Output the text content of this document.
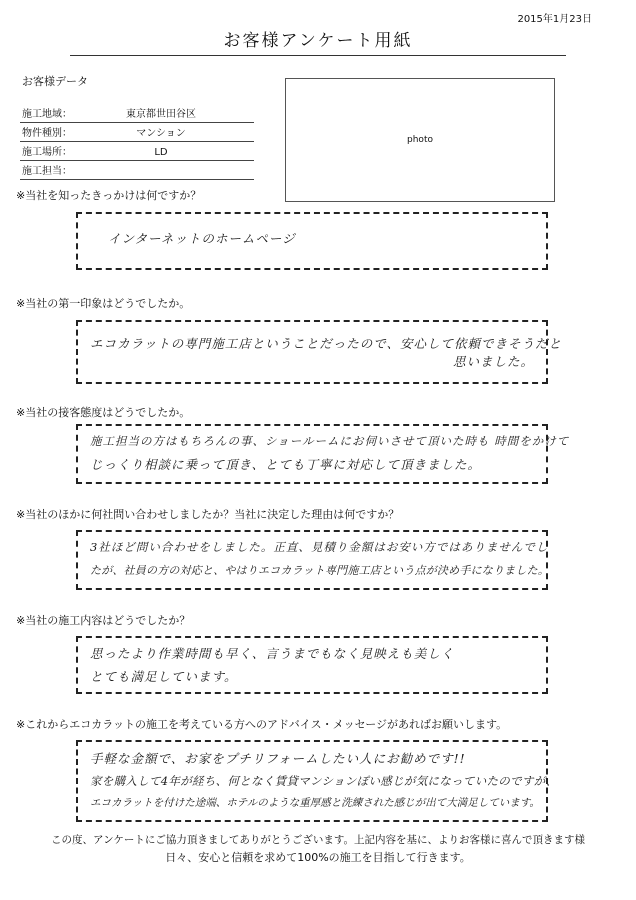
2015年1月23日
お客様アンケート用紙
お客様データ
施工地域：	東京都世田谷区
物件種別：	マンション
施工場所：	LD
施工担当：
photo
※当社を知ったきっかけは何ですか？
インターネットのホームページ
※当社の第一印象はどうでしたか。
エコカラットの専門施工店ということだったので、安心して依頼できそうだと
思いました。
※当社の接客態度はどうでしたか。
施工担当の方はもちろんの事、ショールームにお伺いさせて頂いた時も 時間をかけて
じっくり相談に乗って頂き、とても丁寧に対応して頂きました。
※当社のほかに何社問い合わせしましたか？当社に決定した理由は何ですか？
3社ほど問い合わせをしました。正直、見積り金額はお安い方ではありませんでし
たが、社員の方の対応と、やはりエコカラット専門施工店という点が決め手になりました。
※当社の施工内容はどうでしたか？
思ったより作業時間も早く、言うまでもなく見映えも美しく
とても満足しています。
※これからエコカラットの施工を考えている方へのアドバイス・メッセージがあればお願いします。
手軽な金額で、お家をプチリフォームしたい人にお勧めです!!
家を購入して4年が経ち、何となく賃貸マンションぽい感じが気になっていたのですが、
エコカラットを付けた途端、ホテルのような重厚感と洗練された感じが出て大満足しています。
この度、アンケートにご協力頂きましてありがとうございます。上記内容を基に、よりお客様に喜んで頂きます様
日々、安心と信頼を求めて100%の施工を目指して行きます。
